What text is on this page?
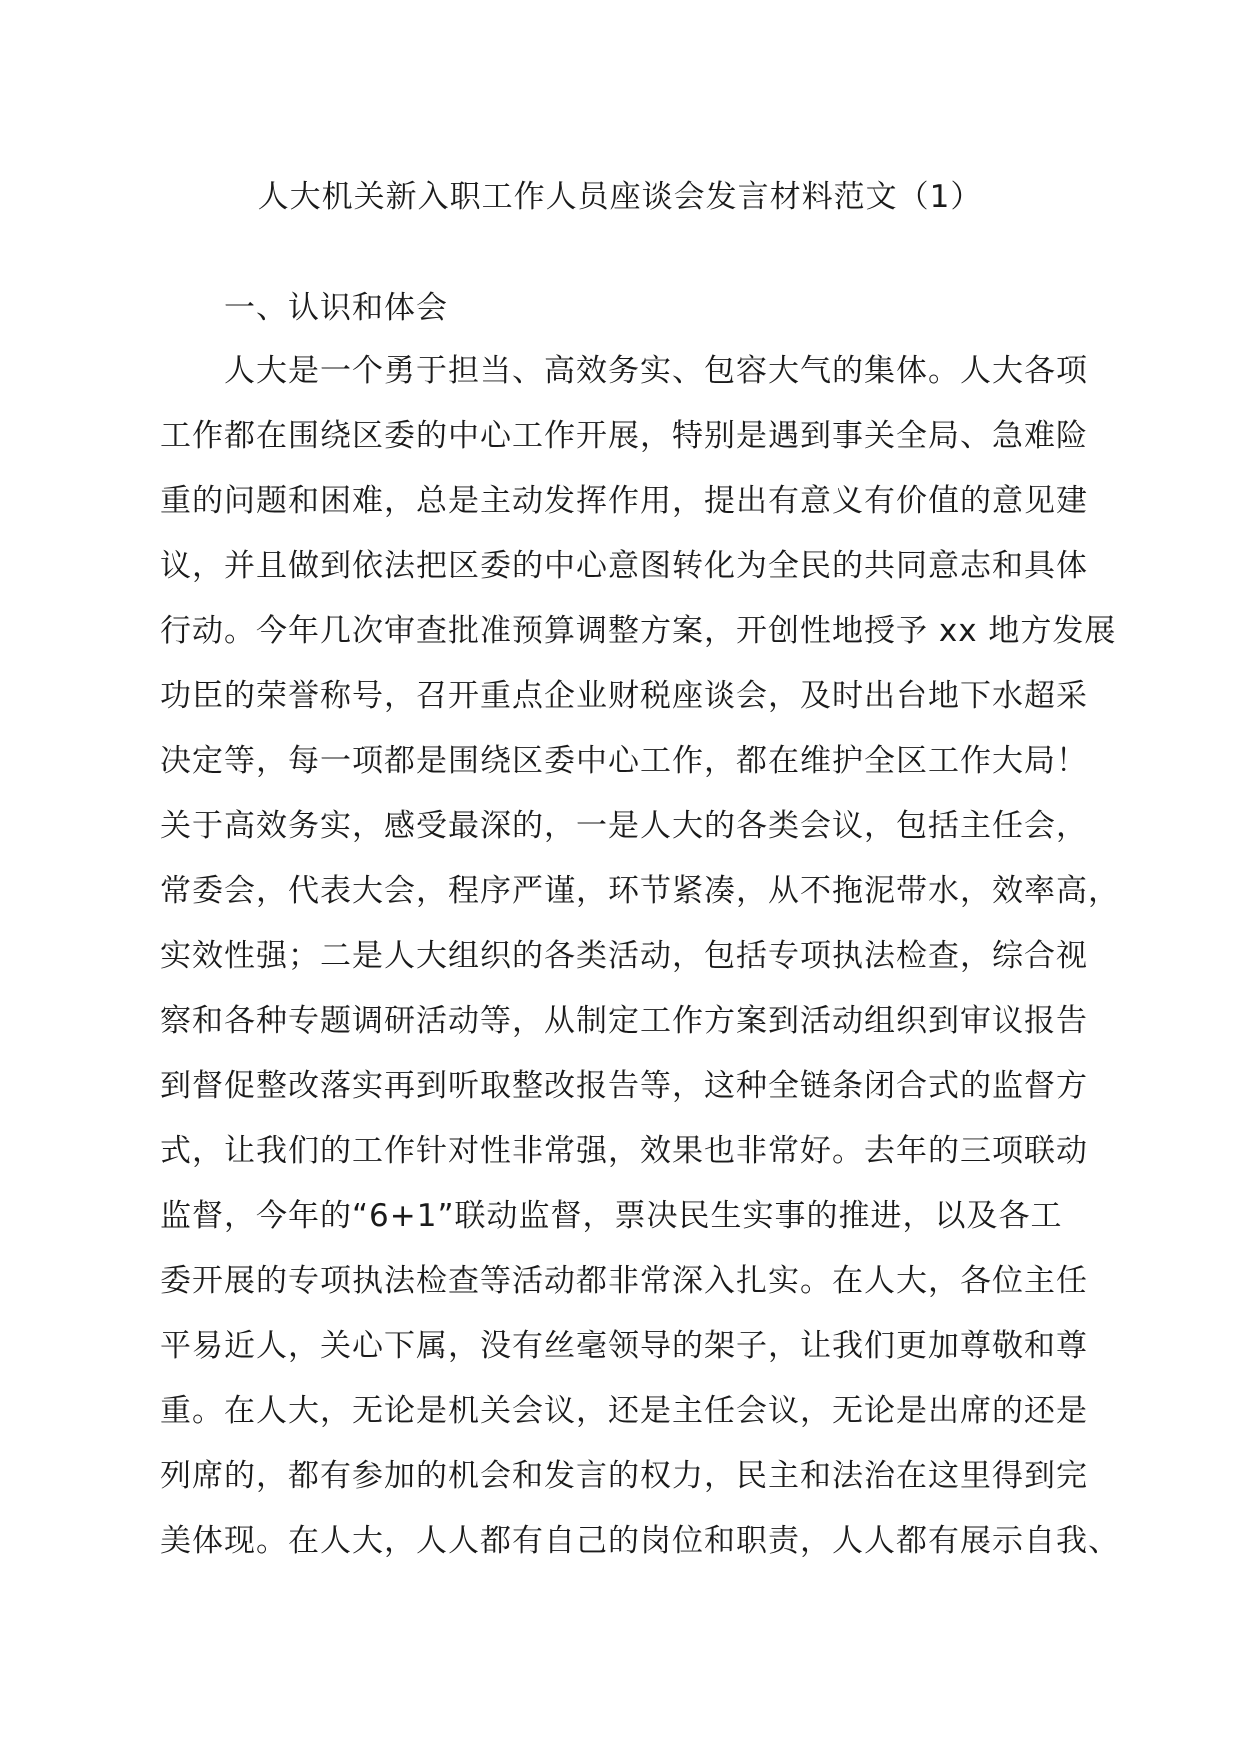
人大机关新入职工作人员座谈会发言材料范文（1）
一、认识和体会
人大是一个勇于担当、高效务实、包容大气的集体。人大各项
工作都在围绕区委的中心工作开展，特别是遇到事关全局、急难险
重的问题和困难，总是主动发挥作用，提出有意义有价值的意见建
议，并且做到依法把区委的中心意图转化为全民的共同意志和具体
行动。今年几次审查批准预算调整方案，开创性地授予 xx 地方发展
功臣的荣誉称号，召开重点企业财税座谈会，及时出台地下水超采
决定等，每一项都是围绕区委中心工作，都在维护全区工作大局！
关于高效务实，感受最深的，一是人大的各类会议，包括主任会，
常委会，代表大会，程序严谨，环节紧凑，从不拖泥带水，效率高，
实效性强；二是人大组织的各类活动，包括专项执法检查，综合视
察和各种专题调研活动等，从制定工作方案到活动组织到审议报告
到督促整改落实再到听取整改报告等，这种全链条闭合式的监督方
式，让我们的工作针对性非常强，效果也非常好。去年的三项联动
监督，今年的“6+1”联动监督，票决民生实事的推进，以及各工
委开展的专项执法检查等活动都非常深入扎实。在人大，各位主任
平易近人，关心下属，没有丝毫领导的架子，让我们更加尊敬和尊
重。在人大，无论是机关会议，还是主任会议，无论是出席的还是
列席的，都有参加的机会和发言的权力，民主和法治在这里得到完
美体现。在人大，人人都有自己的岗位和职责，人人都有展示自我、
